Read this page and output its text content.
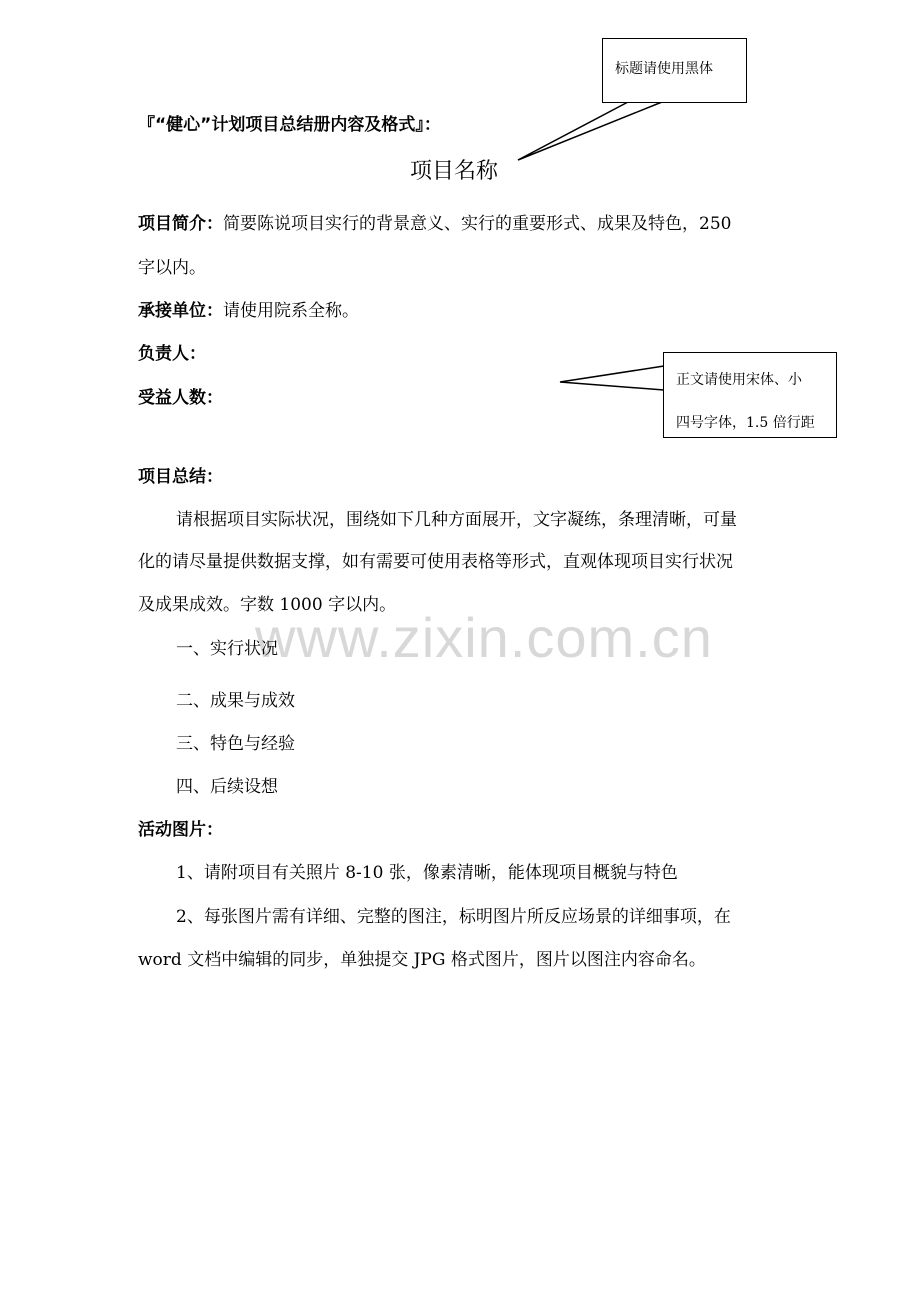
标题请使用黑体
正文请使用宋体、小
四号字体，1.5 倍行距
『“健心”计划项目总结册内容及格式』：
项目名称
项目简介：简要陈说项目实行的背景意义、实行的重要形式、成果及特色，250
字以内。
承接单位：请使用院系全称。
负责人：
受益人数：
项目总结：
请根据项目实际状况，围绕如下几种方面展开，文字凝练，条理清晰，可量
化的请尽量提供数据支撑，如有需要可使用表格等形式，直观体现项目实行状况
及成果成效。字数 1000 字以内。
www.zixin.com.cn
一、实行状况
二、成果与成效
三、特色与经验
四、后续设想
活动图片：
1、请附项目有关照片 8-10 张，像素清晰，能体现项目概貌与特色
2、每张图片需有详细、完整的图注，标明图片所反应场景的详细事项，在
word 文档中编辑的同步，单独提交 JPG 格式图片，图片以图注内容命名。
